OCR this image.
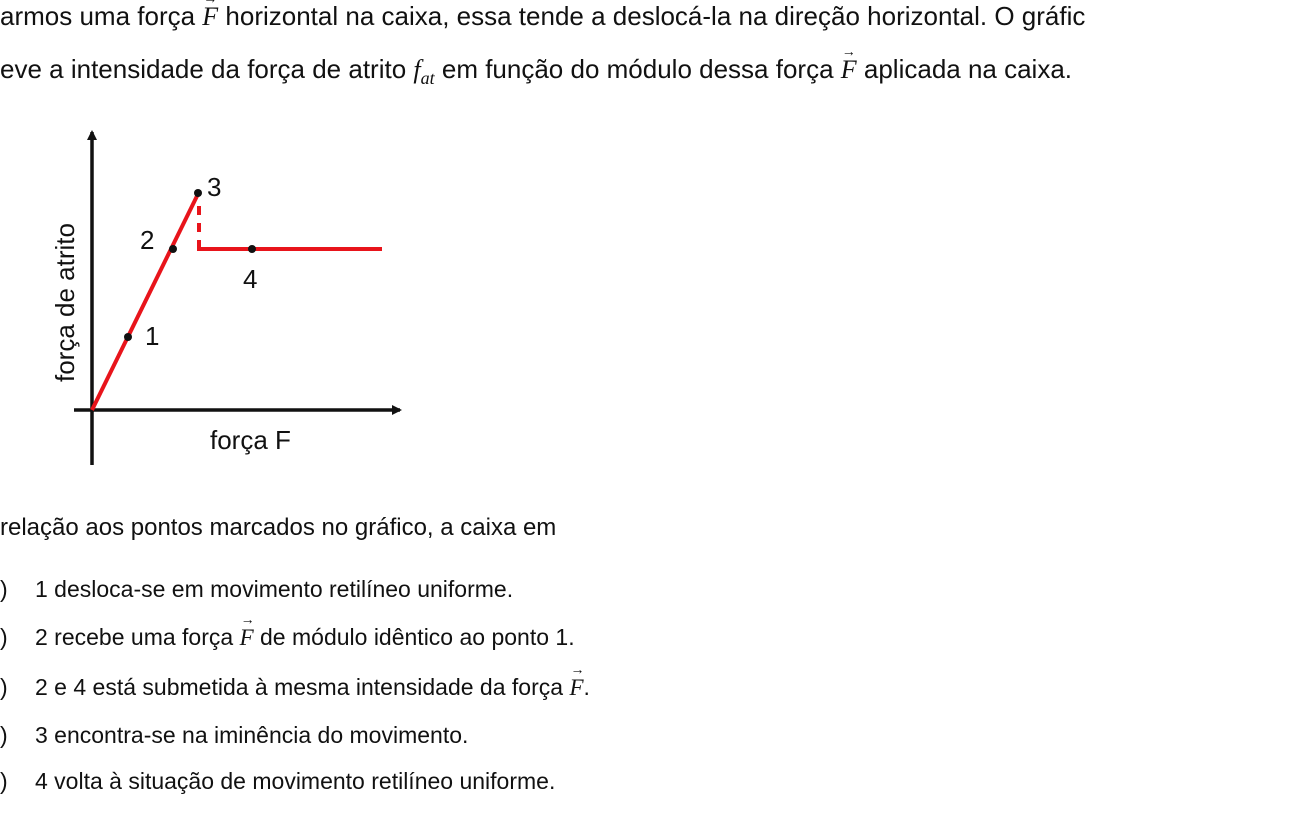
armos uma força → F horizontal na caixa, essa tende a deslocá-la na direção horizontal. O gráfic
eve a intensidade da força de atrito $f_{at}$ em função do módulo dessa força → F aplicada na caixa.
1
2
3
4
força de atrito
força F
relação aos pontos marcados no gráfico, a caixa em
) 1 desloca-se em movimento retilíneo uniforme.
) 2 recebe uma força → F de módulo idêntico ao ponto 1.
) 2 e 4 está submetida à mesma intensidade da força → F.
) 3 encontra-se na iminência do movimento.
) 4 volta à situação de movimento retilíneo uniforme.
